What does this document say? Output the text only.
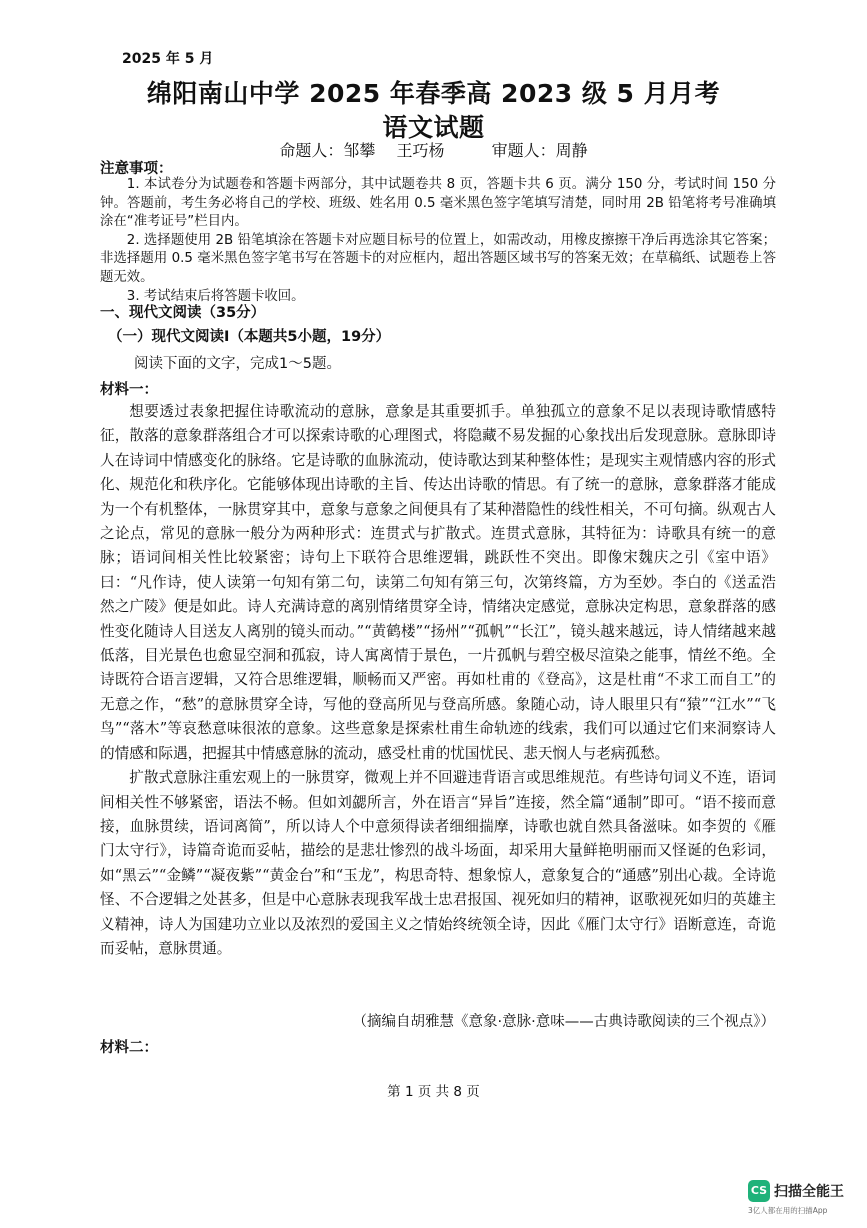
2025 年 5 月
绵阳南山中学 2025 年春季高 2023 级 5 月月考
语文试题
命题人：邹攀 王巧杨	审题人：周静
注意事项：

1. 本试卷分为试题卷和答题卡两部分，其中试题卷共 8 页，答题卡共 6 页。满分 150 分，考试时间 150 分钟。答题前，考生务必将自己的学校、班级、姓名用 0.5 毫米黑色签字笔填写清楚，同时用 2B 铅笔将考号准确填涂在“准考证号”栏目内。

2. 选择题使用 2B 铅笔填涂在答题卡对应题目标号的位置上，如需改动，用橡皮擦擦干净后再选涂其它答案；非选择题用 0.5 毫米黑色签字笔书写在答题卡的对应框内，超出答题区域书写的答案无效；在草稿纸、试题卷上答题无效。

3. 考试结束后将答题卡收回。

一、现代文阅读（35分）
（一）现代文阅读Ⅰ（本题共5小题，19分）
阅读下面的文字，完成1～5题。
材料一：

想要透过表象把握住诗歌流动的意脉，意象是其重要抓手。单独孤立的意象不足以表现诗歌情感特征，散落的意象群落组合才可以探索诗歌的心理图式，将隐藏不易发掘的心象找出后发现意脉。意脉即诗人在诗词中情感变化的脉络。它是诗歌的血脉流动，使诗歌达到某种整体性；是现实主观情感内容的形式化、规范化和秩序化。它能够体现出诗歌的主旨、传达出诗歌的情思。有了统一的意脉，意象群落才能成为一个有机整体，一脉贯穿其中，意象与意象之间便具有了某种潜隐性的线性相关，不可句摘。纵观古人之论点，常见的意脉一般分为两种形式：连贯式与扩散式。连贯式意脉，其特征为：诗歌具有统一的意脉；语词间相关性比较紧密；诗句上下联符合思维逻辑，跳跃性不突出。即像宋魏庆之引《室中语》曰：“凡作诗，使人读第一句知有第二句，读第二句知有第三句，次第终篇，方为至妙。李白的《送孟浩然之广陵》便是如此。诗人充满诗意的离别情绪贯穿全诗，情绪决定感觉，意脉决定构思，意象群落的感性变化随诗人目送友人离别的镜头而动。”“黄鹤楼”“扬州”“孤帆”“长江”，镜头越来越远，诗人情绪越来越低落，目光景色也愈显空洞和孤寂，诗人寓离情于景色，一片孤帆与碧空极尽渲染之能事，情丝不绝。全诗既符合语言逻辑，又符合思维逻辑，顺畅而又严密。再如杜甫的《登高》，这是杜甫“不求工而自工”的无意之作，“愁”的意脉贯穿全诗，写他的登高所见与登高所感。象随心动，诗人眼里只有“猿”“江水”“飞鸟”“落木”等哀愁意味很浓的意象。这些意象是探索杜甫生命轨迹的线索，我们可以通过它们来洞察诗人的情感和际遇，把握其中情感意脉的流动，感受杜甫的忧国忧民、悲天悯人与老病孤愁。

扩散式意脉注重宏观上的一脉贯穿，微观上并不回避违背语言或思维规范。有些诗句词义不连，语词间相关性不够紧密，语法不畅。但如刘勰所言，外在语言“异旨”连接，然全篇“通制”即可。“语不接而意接，血脉贯续，语词离简”，所以诗人个中意须得读者细细揣摩，诗歌也就自然具备滋味。如李贺的《雁门太守行》，诗篇奇诡而妥帖，描绘的是悲壮惨烈的战斗场面，却采用大量鲜艳明丽而又怪诞的色彩词，如“黑云”“金鳞”“凝夜紫”“黄金台”和“玉龙”，构思奇特、想象惊人，意象复合的“通感”别出心裁。全诗诡怪、不合逻辑之处甚多，但是中心意脉表现我军战士忠君报国、视死如归的精神，讴歌视死如归的英雄主义精神，诗人为国建功立业以及浓烈的爱国主义之情始终统领全诗，因此《雁门太守行》语断意连，奇诡而妥帖，意脉贯通。

（摘编自胡雅慧《意象·意脉·意味——古典诗歌阅读的三个视点》）
材料二：
第 1 页 共 8 页
CS 扫描全能王
3亿人都在用的扫描App
